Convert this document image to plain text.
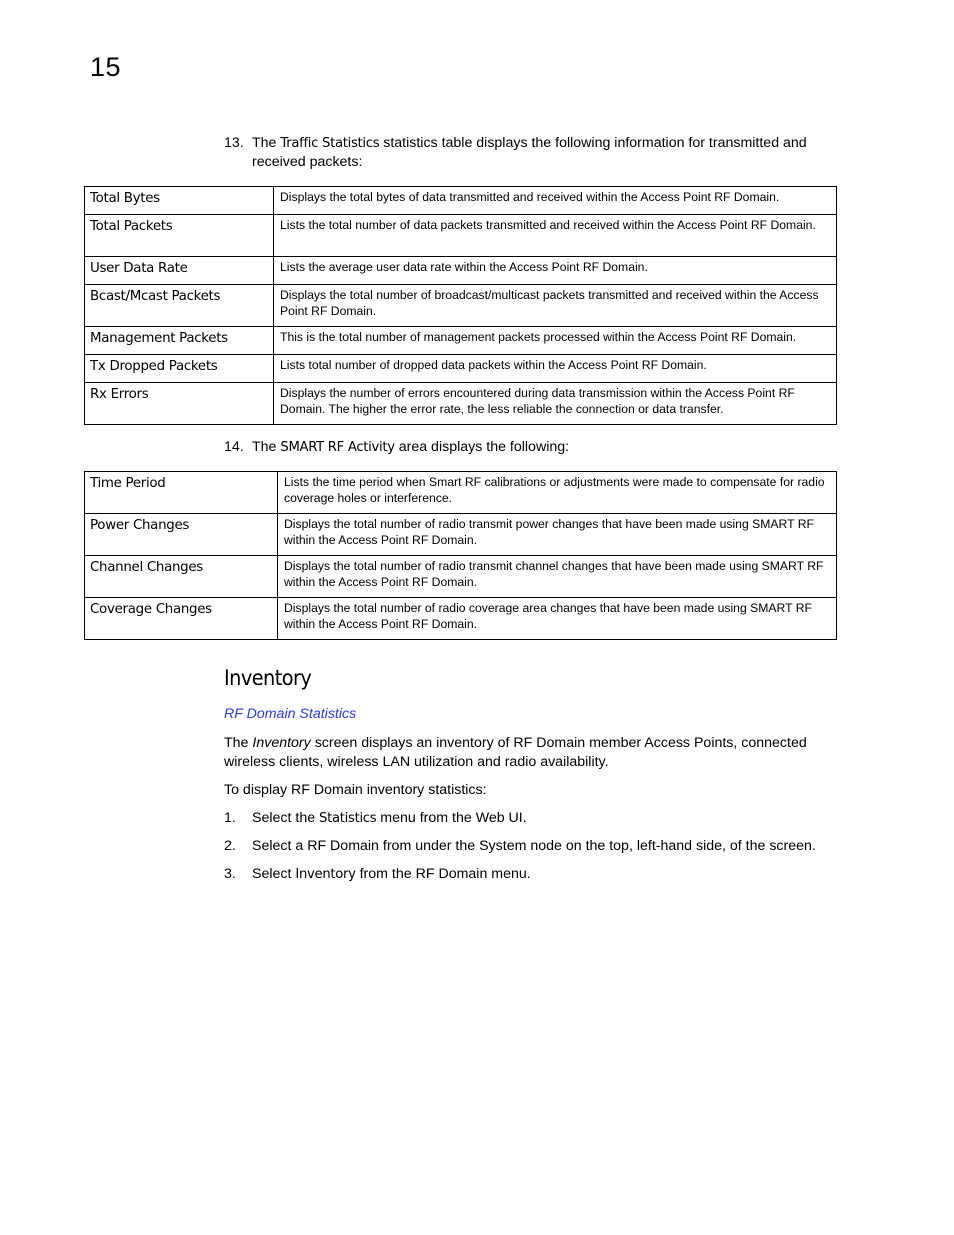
15
13. The Traffic Statistics statistics table displays the following information for transmitted and received packets:
Total Bytes	Displays the total bytes of data transmitted and received within the Access Point RF Domain.
Total Packets	Lists the total number of data packets transmitted and received within the Access Point RF Domain.
User Data Rate	Lists the average user data rate within the Access Point RF Domain.
Bcast/Mcast Packets	Displays the total number of broadcast/multicast packets transmitted and received within the Access Point RF Domain.
Management Packets	This is the total number of management packets processed within the Access Point RF Domain.
Tx Dropped Packets	Lists total number of dropped data packets within the Access Point RF Domain.
Rx Errors	Displays the number of errors encountered during data transmission within the Access Point RF Domain. The higher the error rate, the less reliable the connection or data transfer.
14. The SMART RF Activity area displays the following:
Time Period	Lists the time period when Smart RF calibrations or adjustments were made to compensate for radio coverage holes or interference.
Power Changes	Displays the total number of radio transmit power changes that have been made using SMART RF within the Access Point RF Domain.
Channel Changes	Displays the total number of radio transmit channel changes that have been made using SMART RF within the Access Point RF Domain.
Coverage Changes	Displays the total number of radio coverage area changes that have been made using SMART RF within the Access Point RF Domain.
Inventory
RF Domain Statistics
The Inventory screen displays an inventory of RF Domain member Access Points, connected wireless clients, wireless LAN utilization and radio availability.
To display RF Domain inventory statistics:
1. Select the Statistics menu from the Web UI.
2. Select a RF Domain from under the System node on the top, left-hand side, of the screen.
3. Select Inventory from the RF Domain menu.
